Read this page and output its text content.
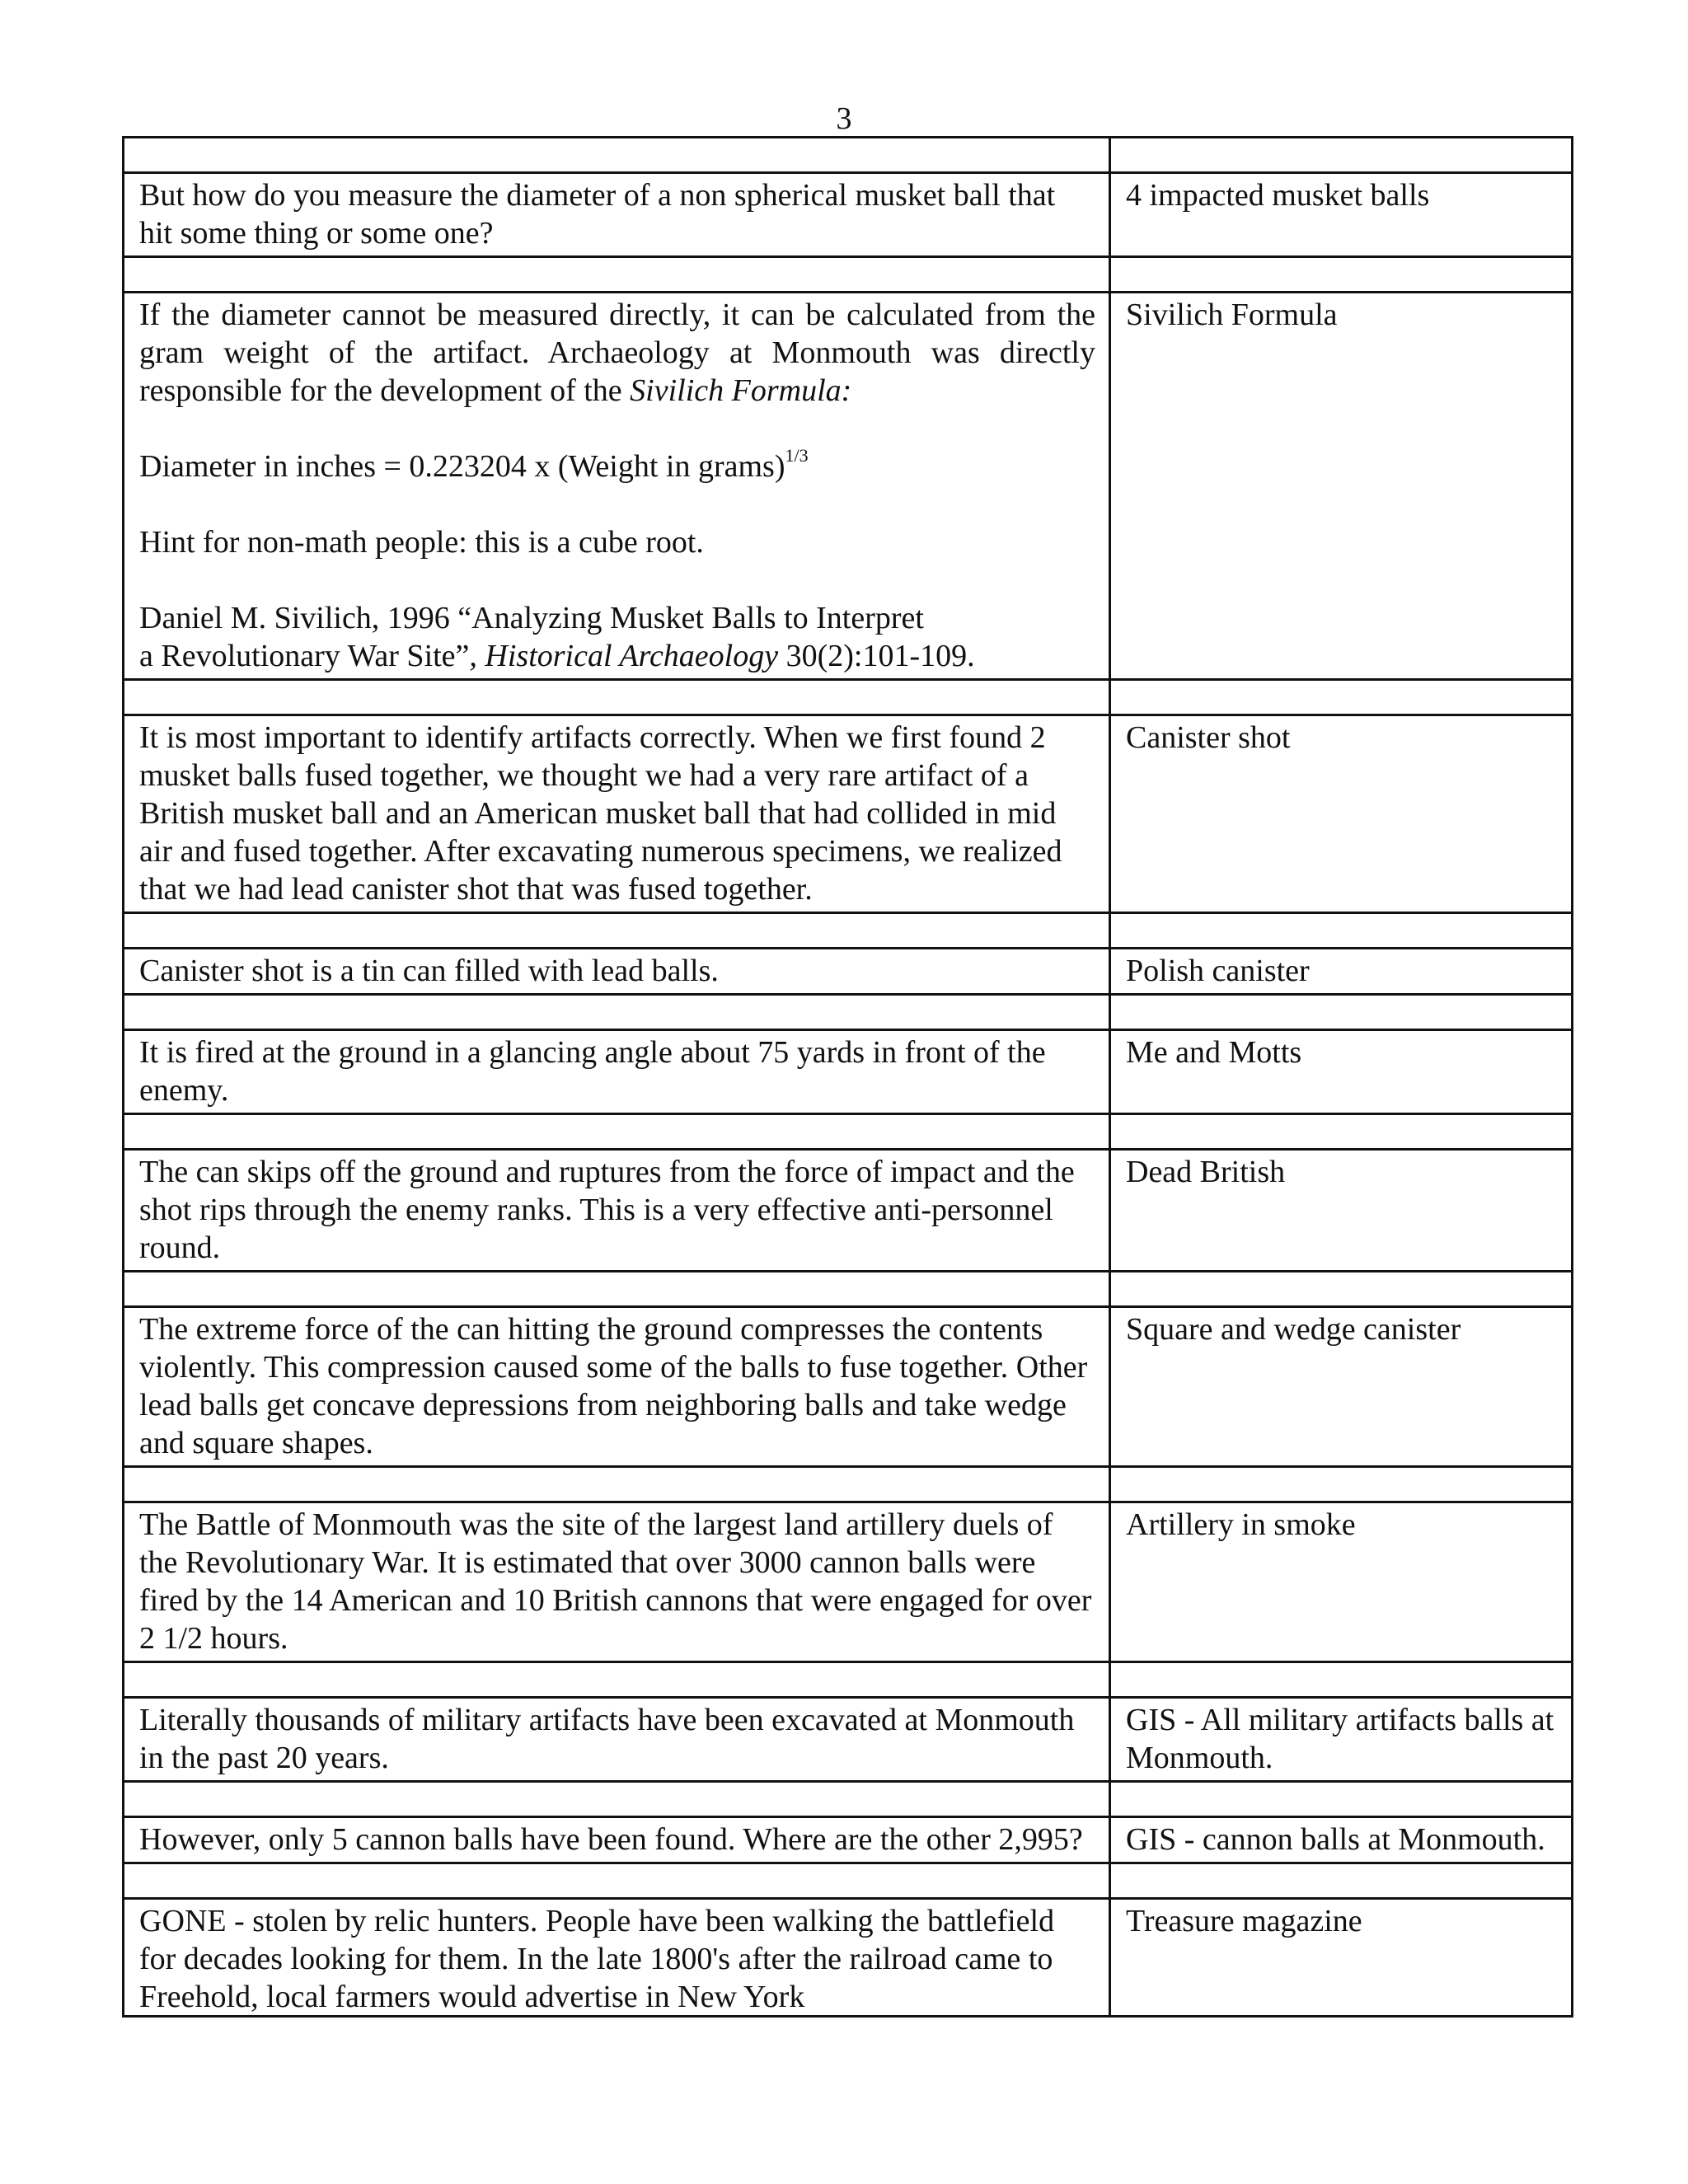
3

But how do you measure the diameter of a non spherical musket ball that hit some thing or some one?	4 impacted musket balls

If the diameter cannot be measured directly, it can be calculated from the gram weight of the artifact. Archaeology at Monmouth was directly responsible for the development of the Sivilich Formula:
Diameter in inches = 0.223204 x (Weight in grams)$^{1/3}$
Hint for non-math people: this is a cube root.
Daniel M. Sivilich, 1996 “Analyzing Musket Balls to Interpret
a Revolutionary War Site”, Historical Archaeology 30(2):101-109.	Sivilich Formula

It is most important to identify artifacts correctly. When we first found 2 musket balls fused together, we thought we had a very rare artifact of a British musket ball and an American musket ball that had collided in mid air and fused together. After excavating numerous specimens, we realized that we had lead canister shot that was fused together.	Canister shot

Canister shot is a tin can filled with lead balls.	Polish canister

It is fired at the ground in a glancing angle about 75 yards in front of the enemy.	Me and Motts

The can skips off the ground and ruptures from the force of impact and the shot rips through the enemy ranks. This is a very effective anti-personnel round.	Dead British

The extreme force of the can hitting the ground compresses the contents violently. This compression caused some of the balls to fuse together. Other lead balls get concave depressions from neighboring balls and take wedge and square shapes.	Square and wedge canister

The Battle of Monmouth was the site of the largest land artillery duels of the Revolutionary War. It is estimated that over 3000 cannon balls were fired by the 14 American and 10 British cannons that were engaged for over 2 1/2 hours.	Artillery in smoke

Literally thousands of military artifacts have been excavated at Monmouth in the past 20 years.	GIS - All military artifacts balls at Monmouth.

However, only 5 cannon balls have been found. Where are the other 2,995?	GIS - cannon balls at Monmouth.

GONE - stolen by relic hunters. People have been walking the battlefield for decades looking for them. In the late 1800's after the railroad came to Freehold, local farmers would advertise in New York	Treasure magazine
